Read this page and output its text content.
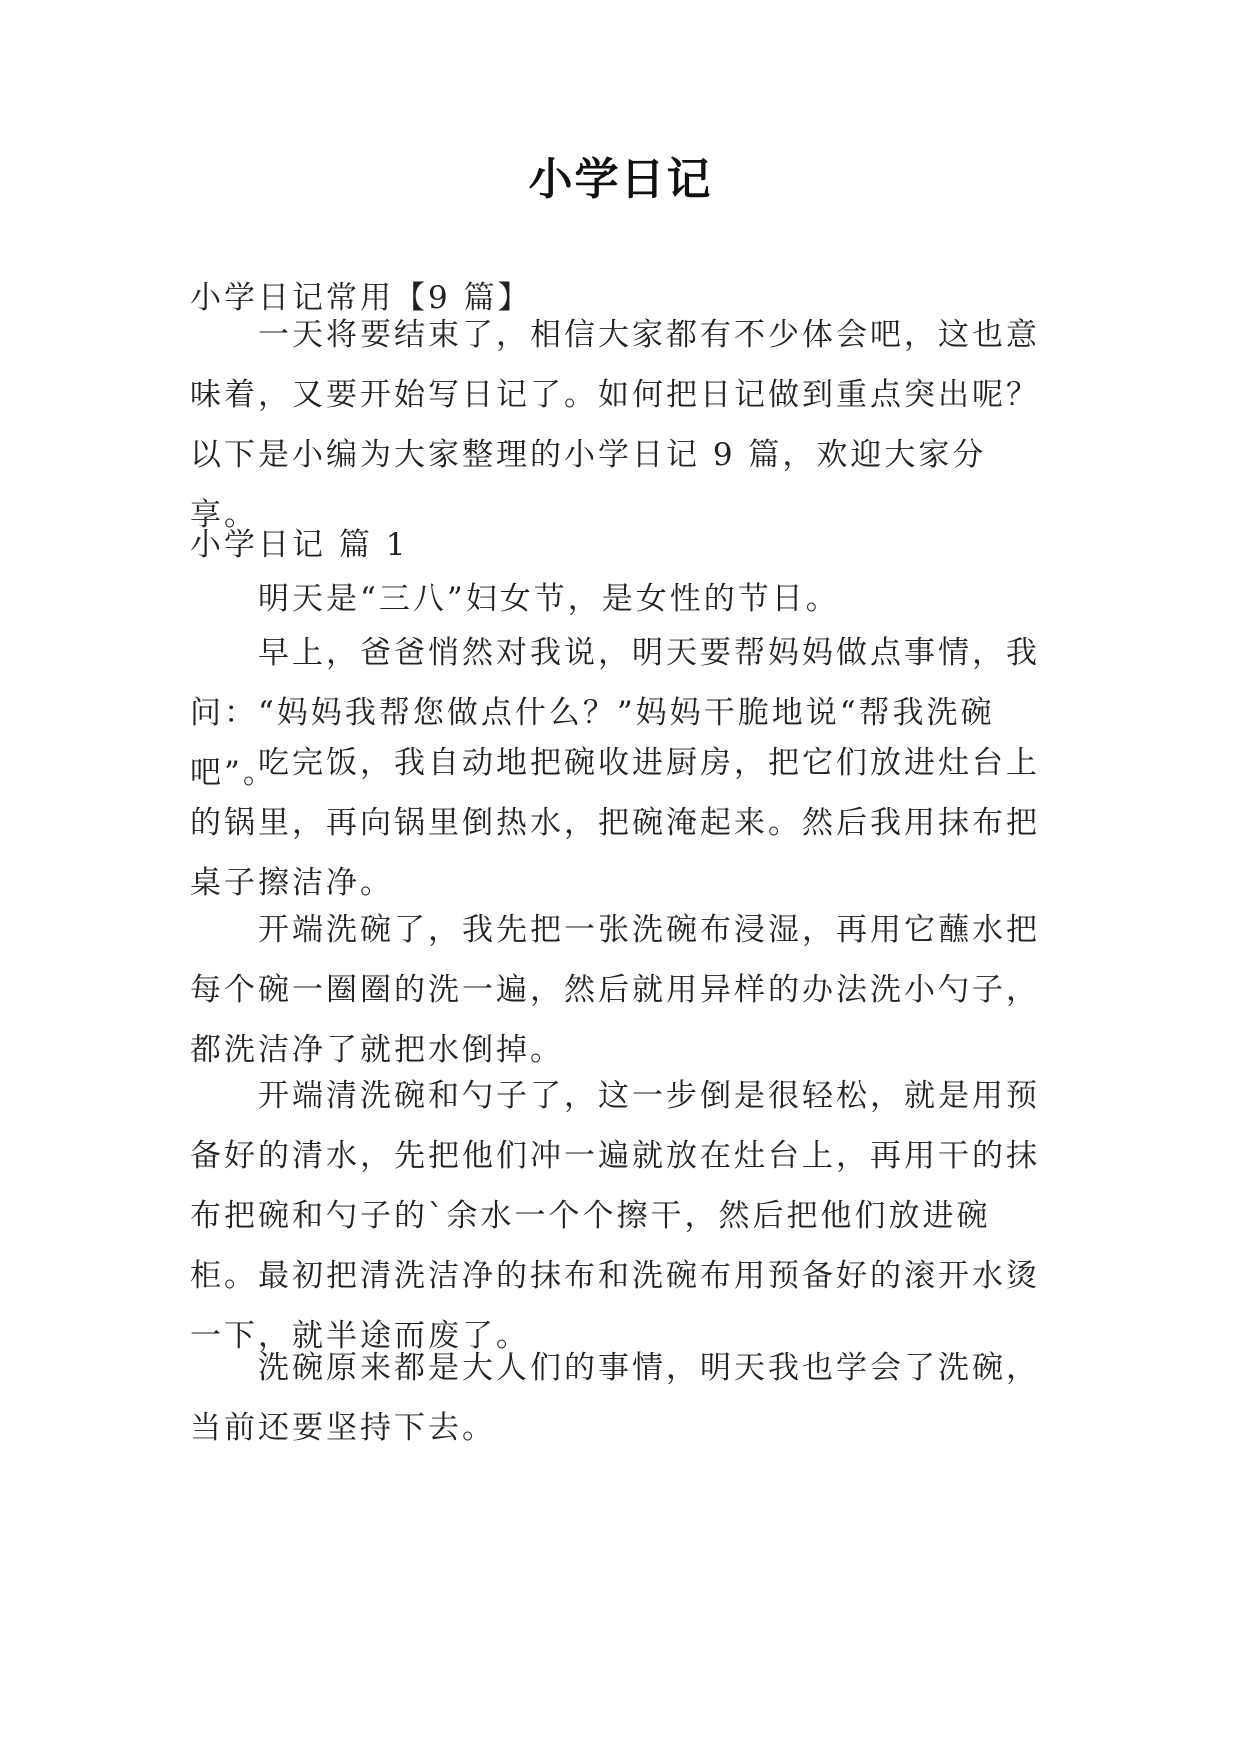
小学日记

小学日记常用【9 篇】

一天将要结束了，相信大家都有不少体会吧，这也意味着，又要开始写日记了。如何把日记做到重点突出呢？以下是小编为大家整理的小学日记 9 篇，欢迎大家分享。

小学日记 篇 1

明天是“三八”妇女节，是女性的节日。

早上，爸爸悄然对我说，明天要帮妈妈做点事情，我问：“妈妈我帮您做点什么？”妈妈干脆地说“帮我洗碗吧”。

吃完饭，我自动地把碗收进厨房，把它们放进灶台上的锅里，再向锅里倒热水，把碗淹起来。然后我用抹布把桌子擦洁净。

开端洗碗了，我先把一张洗碗布浸湿，再用它蘸水把每个碗一圈圈的洗一遍，然后就用异样的办法洗小勺子，都洗洁净了就把水倒掉。

开端清洗碗和勺子了，这一步倒是很轻松，就是用预备好的清水，先把他们冲一遍就放在灶台上，再用干的抹布把碗和勺子的`余水一个个擦干，然后把他们放进碗柜。最初把清洗洁净的抹布和洗碗布用预备好的滚开水烫一下，就半途而废了。

洗碗原来都是大人们的事情，明天我也学会了洗碗，当前还要坚持下去。
